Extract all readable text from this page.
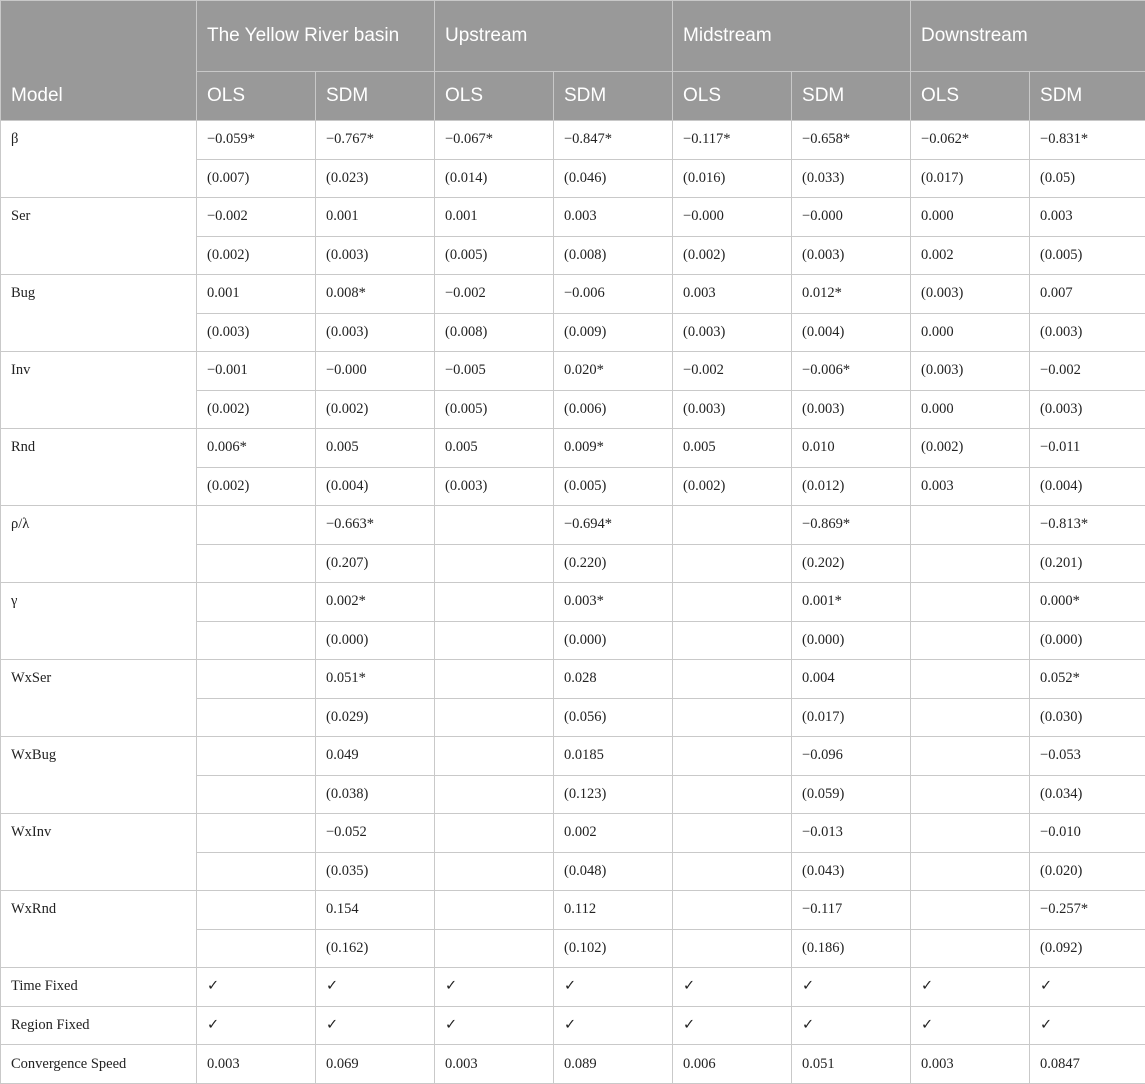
Model	The Yellow River basin		Upstream		Midstream		Downstream	
	OLS	SDM	OLS	SDM	OLS	SDM	OLS	SDM
β	−0.059*	−0.767*	−0.067*	−0.847*	−0.117*	−0.658*	−0.062*	−0.831*
	(0.007)	(0.023)	(0.014)	(0.046)	(0.016)	(0.033)	(0.017)	(0.05)
Ser	−0.002	0.001	0.001	0.003	−0.000	−0.000	0.000	0.003
	(0.002)	(0.003)	(0.005)	(0.008)	(0.002)	(0.003)	0.002	(0.005)
Bug	0.001	0.008*	−0.002	−0.006	0.003	0.012*	(0.003)	0.007
	(0.003)	(0.003)	(0.008)	(0.009)	(0.003)	(0.004)	0.000	(0.003)
Inv	−0.001	−0.000	−0.005	0.020*	−0.002	−0.006*	(0.003)	−0.002
	(0.002)	(0.002)	(0.005)	(0.006)	(0.003)	(0.003)	0.000	(0.003)
Rnd	0.006*	0.005	0.005	0.009*	0.005	0.010	(0.002)	−0.011
	(0.002)	(0.004)	(0.003)	(0.005)	(0.002)	(0.012)	0.003	(0.004)
ρ/λ		−0.663*		−0.694*		−0.869*		−0.813*
		(0.207)		(0.220)		(0.202)		(0.201)
γ		0.002*		0.003*		0.001*		0.000*
		(0.000)		(0.000)		(0.000)		(0.000)
WxSer		0.051*		0.028		0.004		0.052*
		(0.029)		(0.056)		(0.017)		(0.030)
WxBug		0.049		0.0185		−0.096		−0.053
		(0.038)		(0.123)		(0.059)		(0.034)
WxInv		−0.052		0.002		−0.013		−0.010
		(0.035)		(0.048)		(0.043)		(0.020)
WxRnd		0.154		0.112		−0.117		−0.257*
		(0.162)		(0.102)		(0.186)		(0.092)
Time Fixed	✓	✓	✓	✓	✓	✓	✓	✓
Region Fixed	✓	✓	✓	✓	✓	✓	✓	✓
Convergence Speed	0.003	0.069	0.003	0.089	0.006	0.051	0.003	0.0847
